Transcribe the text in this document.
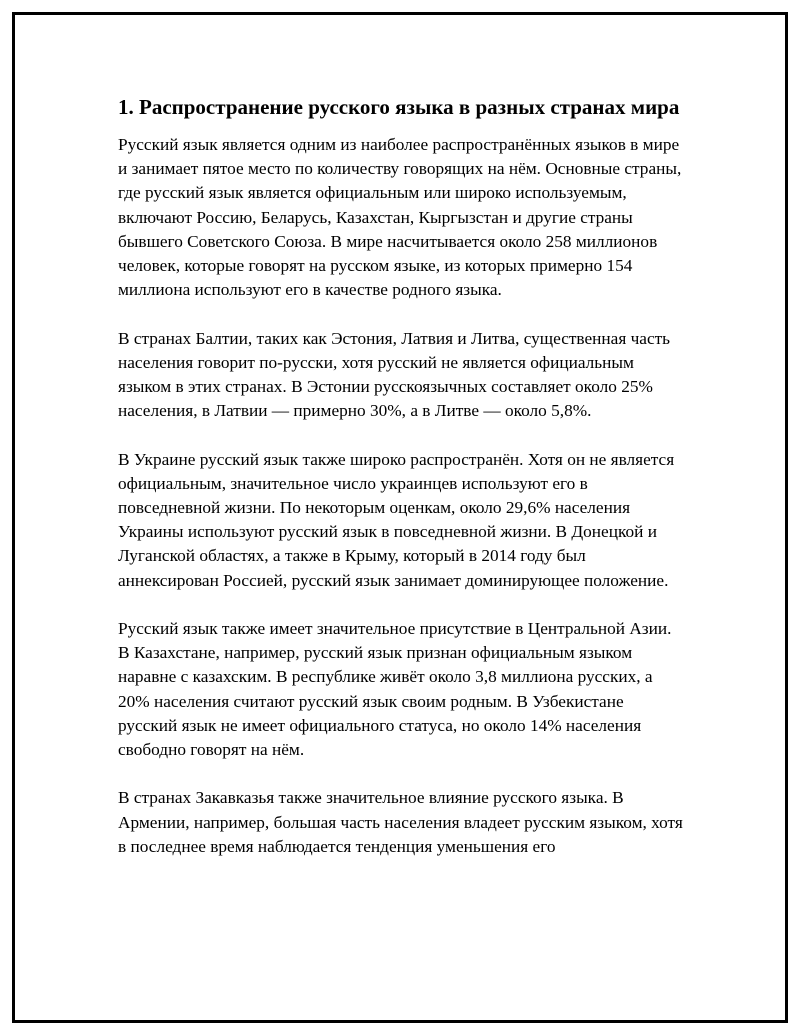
1. Распространение русского языка в разных странах мира

Русский язык является одним из наиболее распространённых языков в мире и занимает пятое место по количеству говорящих на нём. Основные страны, где русский язык является официальным или широко используемым, включают Россию, Беларусь, Казахстан, Кыргызстан и другие страны бывшего Советского Союза. В мире насчитывается около 258 миллионов человек, которые говорят на русском языке, из которых примерно 154 миллиона используют его в качестве родного языка.

В странах Балтии, таких как Эстония, Латвия и Литва, существенная часть населения говорит по-русски, хотя русский не является официальным языком в этих странах. В Эстонии русскоязычных составляет около 25% населения, в Латвии — примерно 30%, а в Литве — около 5,8%.

В Украине русский язык также широко распространён. Хотя он не является официальным, значительное число украинцев используют его в повседневной жизни. По некоторым оценкам, около 29,6% населения Украины используют русский язык в повседневной жизни. В Донецкой и Луганской областях, а также в Крыму, который в 2014 году был аннексирован Россией, русский язык занимает доминирующее положение.

Русский язык также имеет значительное присутствие в Центральной Азии. В Казахстане, например, русский язык признан официальным языком наравне с казахским. В республике живёт около 3,8 миллиона русских, а 20% населения считают русский язык своим родным. В Узбекистане русский язык не имеет официального статуса, но около 14% населения свободно говорят на нём.

В странах Закавказья также значительное влияние русского языка. В Армении, например, большая часть населения владеет русским языком, хотя в последнее время наблюдается тенденция уменьшения его
